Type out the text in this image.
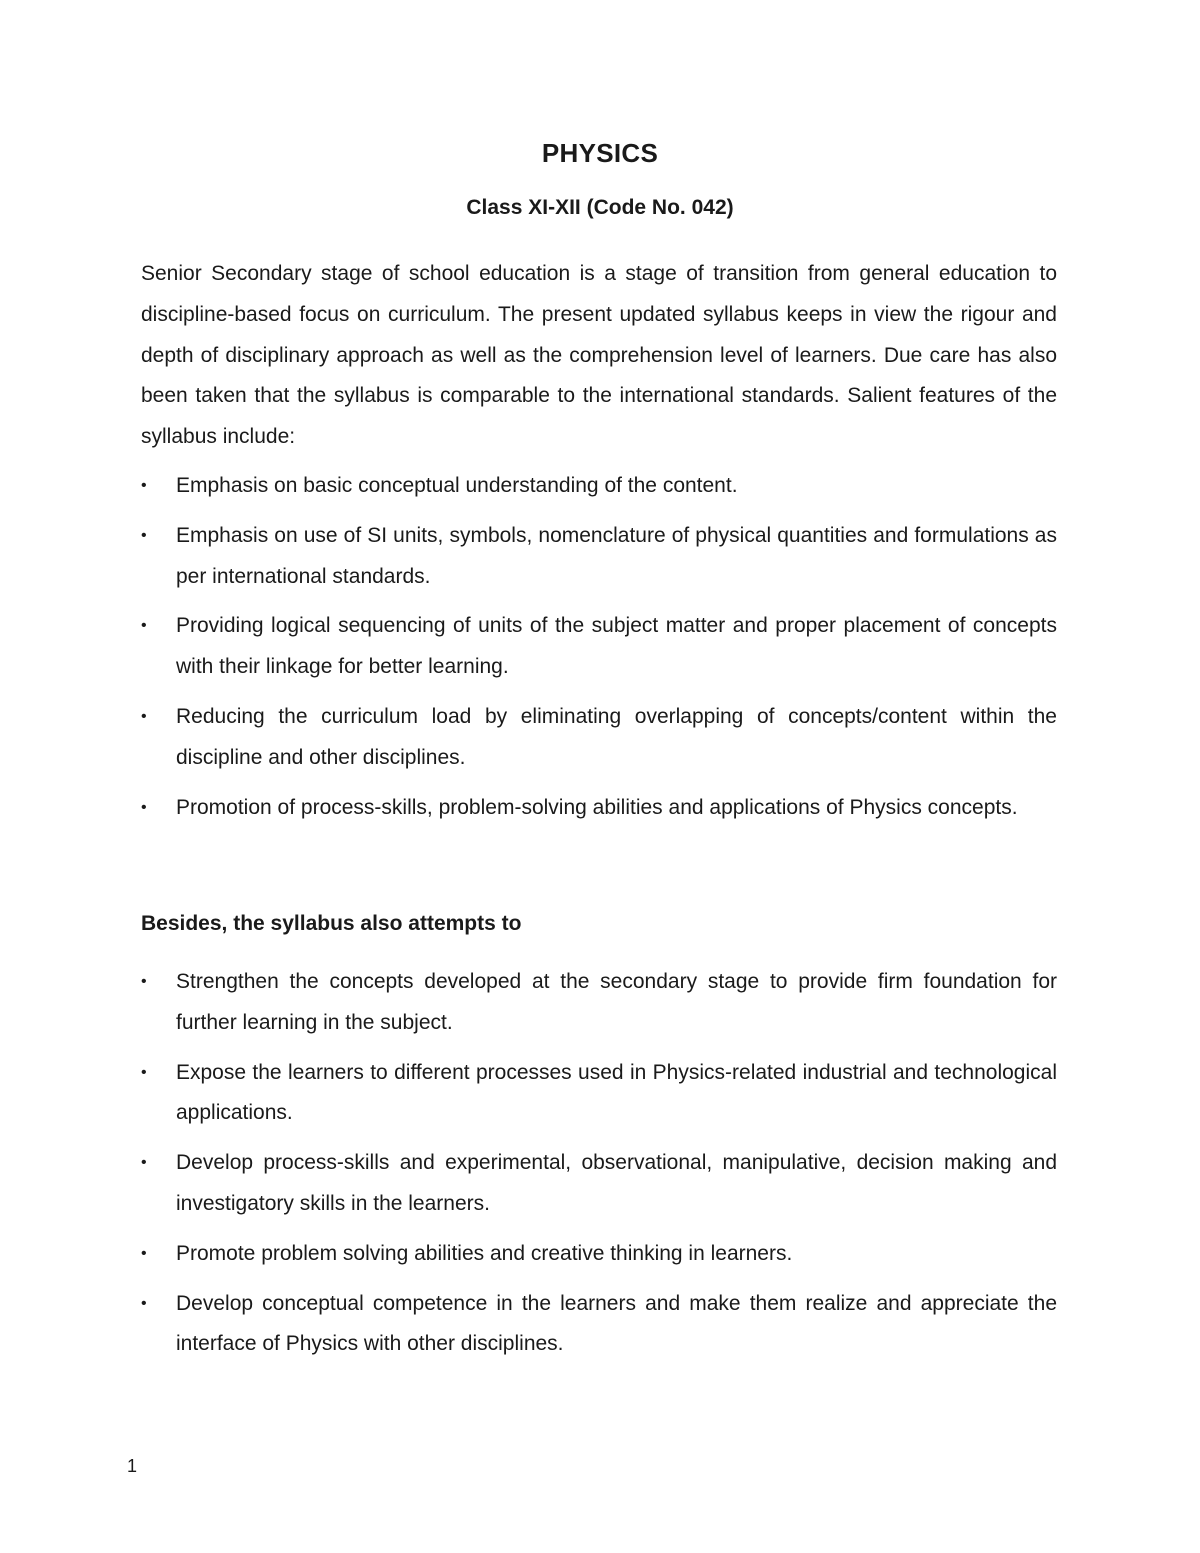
PHYSICS
Class XI-XII (Code No. 042)

Senior Secondary stage of school education is a stage of transition from general education to discipline-based focus on curriculum. The present updated syllabus keeps in view the rigour and depth of disciplinary approach as well as the comprehension level of learners. Due care has also been taken that the syllabus is comparable to the international standards. Salient features of the syllabus include:

• Emphasis on basic conceptual understanding of the content.
• Emphasis on use of SI units, symbols, nomenclature of physical quantities and formulations as per international standards.
• Providing logical sequencing of units of the subject matter and proper placement of concepts with their linkage for better learning.
• Reducing the curriculum load by eliminating overlapping of concepts/content within the discipline and other disciplines.
• Promotion of process-skills, problem-solving abilities and applications of Physics concepts.
Besides, the syllabus also attempts to
• Strengthen the concepts developed at the secondary stage to provide firm foundation for further learning in the subject.
• Expose the learners to different processes used in Physics-related industrial and technological applications.
• Develop process-skills and experimental, observational, manipulative, decision making and investigatory skills in the learners.
• Promote problem solving abilities and creative thinking in learners.
• Develop conceptual competence in the learners and make them realize and appreciate the interface of Physics with other disciplines.
1
